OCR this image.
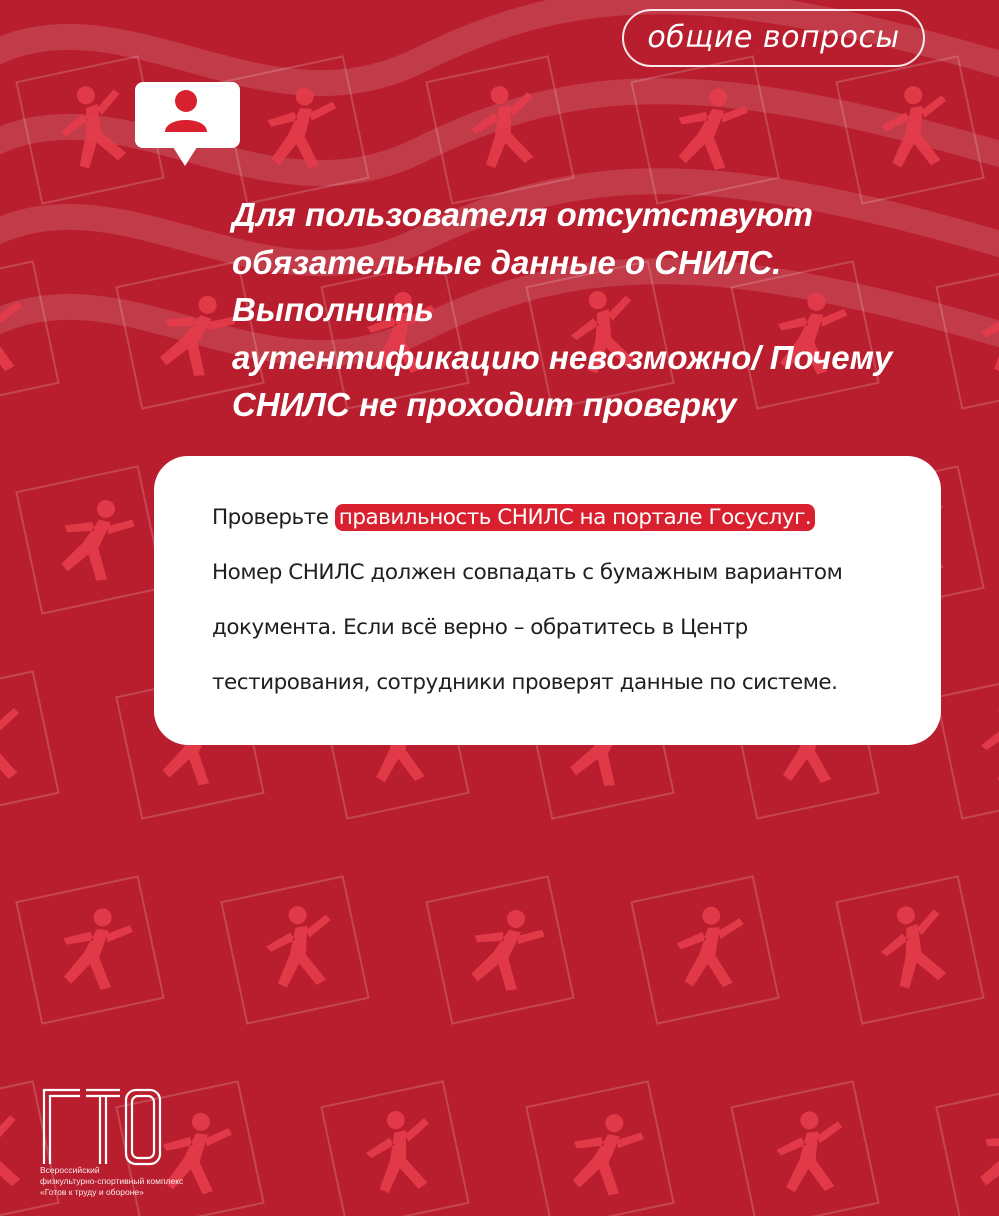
общие вопросы
Для пользователя отсутствуют
обязательные данные о СНИЛС. Выполнить
аутентификацию невозможно/ Почему
СНИЛС не проходит проверку
Проверьте правильность СНИЛС на портале Госуслуг.
Номер СНИЛС должен совпадать с бумажным вариантом
документа. Если всё верно – обратитесь в Центр
тестирования, сотрудники проверят данные по системе.
Всероссийский
физкультурно-спортивный комплекс
«Готов к труду и обороне»
